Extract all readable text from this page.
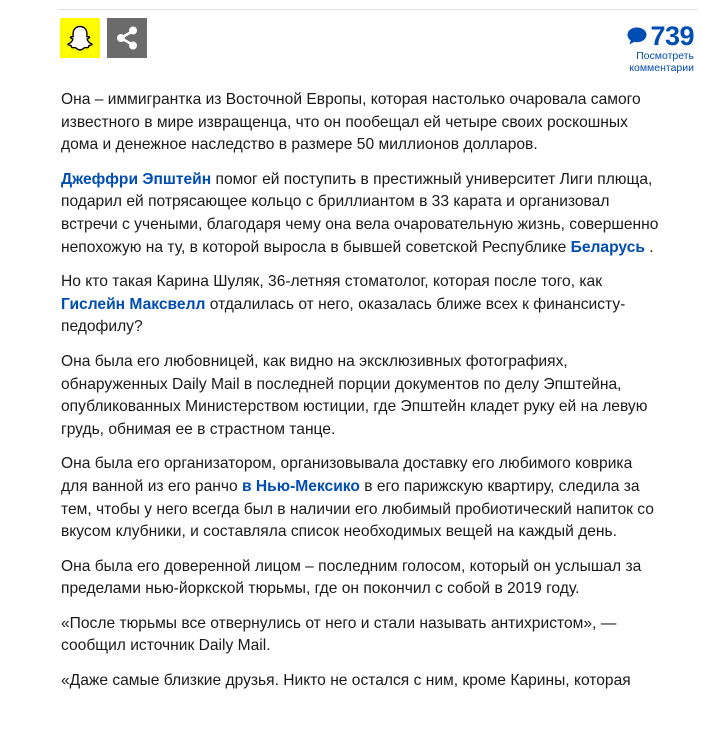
739
Посмотреть
комментарии

Она – иммигрантка из Восточной Европы, которая настолько очаровала самого известного в мире извращенца, что он пообещал ей четыре своих роскошных дома и денежное наследство в размере 50 миллионов долларов.

Джеффри Эпштейн помог ей поступить в престижный университет Лиги плюща, подарил ей потрясающее кольцо с бриллиантом в 33 карата и организовал встречи с учеными, благодаря чему она вела очаровательную жизнь, совершенно непохожую на ту, в которой выросла в бывшей советской Республике Беларусь .

Но кто такая Карина Шуляк, 36-летняя стоматолог, которая после того, как Гислейн Максвелл отдалилась от него, оказалась ближе всех к финансисту-педофилу?

Она была его любовницей, как видно на эксклюзивных фотографиях, обнаруженных Daily Mail в последней порции документов по делу Эпштейна, опубликованных Министерством юстиции, где Эпштейн кладет руку ей на левую грудь, обнимая ее в страстном танце.

Она была его организатором, организовывала доставку его любимого коврика для ванной из его ранчо в Нью-Мексико в его парижскую квартиру, следила за тем, чтобы у него всегда был в наличии его любимый пробиотический напиток со вкусом клубники, и составляла список необходимых вещей на каждый день.

Она была его доверенной лицом – последним голосом, который он услышал за пределами нью-йоркской тюрьмы, где он покончил с собой в 2019 году.

«После тюрьмы все отвернулись от него и стали называть антихристом», — сообщил источник Daily Mail.

«Даже самые близкие друзья. Никто не остался с ним, кроме Карины, которая
